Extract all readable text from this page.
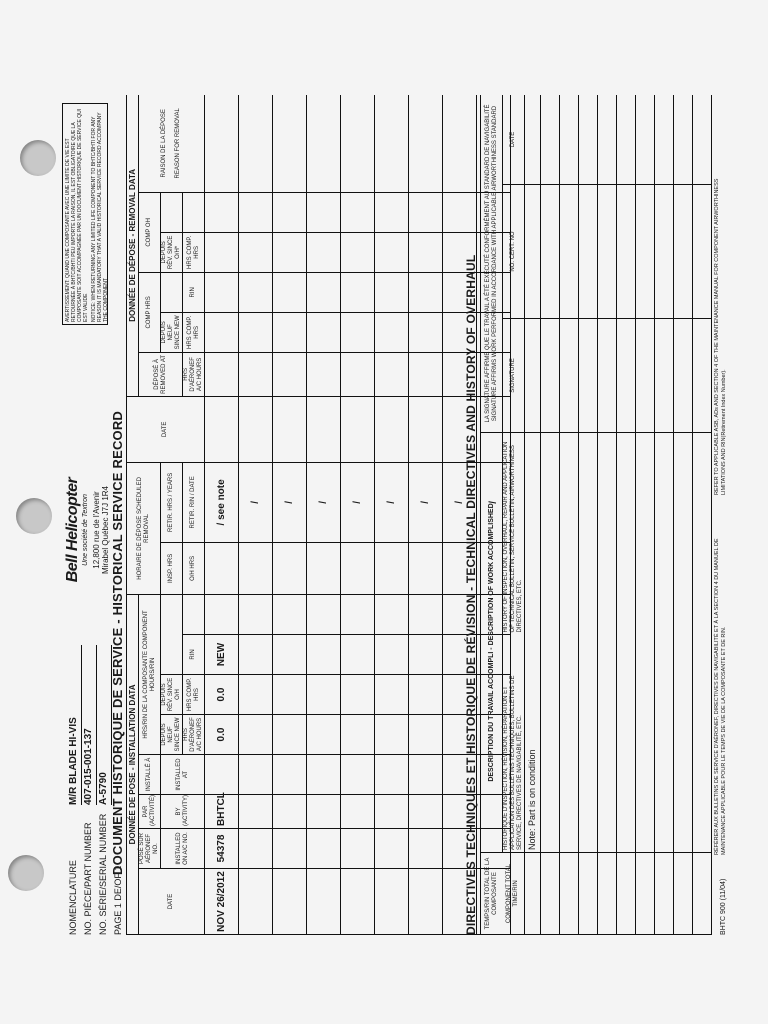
NOMENCLATURE
M/R BLADE HI-VIS
NO. PIÈCE/PART NUMBER
407-015-001-137
NO. SÉRIE/SERIAL NUMBER
A-5790
PAGE 1 DE/OF 1
Bell Helicopter Une société de Textron 12,800 rue de l'Avenir Mirabel Québec J7J 1R4
AVERTISSEMENT: QUAND UNE COMPOSANTE AVEC UNE LIMITE DE VIE EST RETOURNÉE À BHTC/BHTI PEU IMPORTE LA RAISON, IL EST OBLIGATOIRE QUE LA COMPOSANTE SOIT ACCOMPAGNÉE PAR UN DOCUMENT HISTORIQUE DE SERVICE QUI EST VALIDE NOTICE: WHEN RETURNING ANY LIMITED LIFE COMPONENT TO BHTC/BHTI FOR ANY REASON IT IS MANDATORY THAT A VALID HISTORICAL SERVICE RECORD ACCOMPANY THE COMPONENT
DOCUMENT HISTORIQUE DE SERVICE - HISTORICAL SERVICE RECORD DONNÉE DE POSE - INSTALLATION DATA								HORAIRE DE DÉPOSE SCHEDULED REMOVAL		DATE	DONNÉE DE DÉPOSE - REMOVAL DATA					
DATE	POSÉ SUR AÉRONEF NO.	PAR (ACTIVITÉ)	INSTALLÉ À	HRS/RIN DE LA COMPOSANTE COMPONENT HOURS/RIN							DÉPOSÉ À
REMOVED AT	COMP HRS		COMP OH		RAISON DE LA DÉPOSE REASON FOR REMOVAL
	INSTALLED ON A/C NO.	BY (ACTIVITY)	INSTALLED AT	DEPUIS NEUF SINCE NEW	DEPUIS RÉV. SINCE O/H			INSP. HRS	RETIR. HRS / YEARS			DEPUIS NEUF SINCE NEW		DEPUIS RÉV. SINCE O/H*		
				HRS D'AÉRONEF A/C HOURS	HRS COMP. HRS	RIN		O/H HRS	RETIR. RIN / DATE		HRS D'AÉRONEF A/C HOURS	HRS COMP. HRS	RIN	HRS COMP. HRS		
NOV 26/2012	54378	BHTCL		0.0	0.0	NEW			/ see note							
									/							
									/							
									/							
									/							
									/							
									/							
									/							
									/							
DIRECTIVES TECHNIQUES ET HISTORIQUE DE RÉVISION - TECHNICAL DIRECTIVES AND HISTORY OF OVERHAUL TEMPS/RIN TOTAL DE LA COMPOSANTE COMPONENT TOTAL TIME/RIN	DESCRIPTION DU TRAVAIL ACCOMPLI - DESCRIPTION OF WORK ACCOMPLISHED	LA SIGNATURE AFFIRME QUE LE TRAVAIL A ÉTÉ EXÉCUTÉ CONFORMÉMENT AU STANDARD DE NAVIGABILITÉ
SIGNATURE AFFIRMS WORK PERFORMED IN ACCORDANCE WITH APPLICABLE AIRWORTHINESS STANDARD		

	HISTORIQUE D'INSPECTION, RÉVISION, RÉPARATION ET APPLICATION DES BULLETINS TECHNIQUES, BULLETINS DE SERVICE, DIRECTIVES DE NAVIGABILITÉ, ETC.
HISTORY OF INSPECTION, OVERHAUL, REPAIR AND APPLICATION OF TECHNICAL BULLETIN, SERVICE BULLETIN, AIRWORTHINESS DIRECTIVES, ETC.	SIGNATURE	NO. CERT. NO	DATE
	Note: Part is on condition			

BHTC 900 (11/04)
RÉFÉRER AUX BULLETINS DE SERVICE D'AÉRONEF, DIRECTIVES DE NAVIGABILITÉ ET À LA SECTION 4 DU MANUEL DE MAINTENANCE APPLICABLE POUR LE TEMPS DE VIE DE LA COMPOSANTE ET DE RIN.
REFER TO APPLICABLE ASB, ADs AND SECTION 4 OF THE MAINTENANCE MANUAL FOR COMPONENT AIRWORTHINESS LIMITATIONS AND RIN(Retirement Index Number).
